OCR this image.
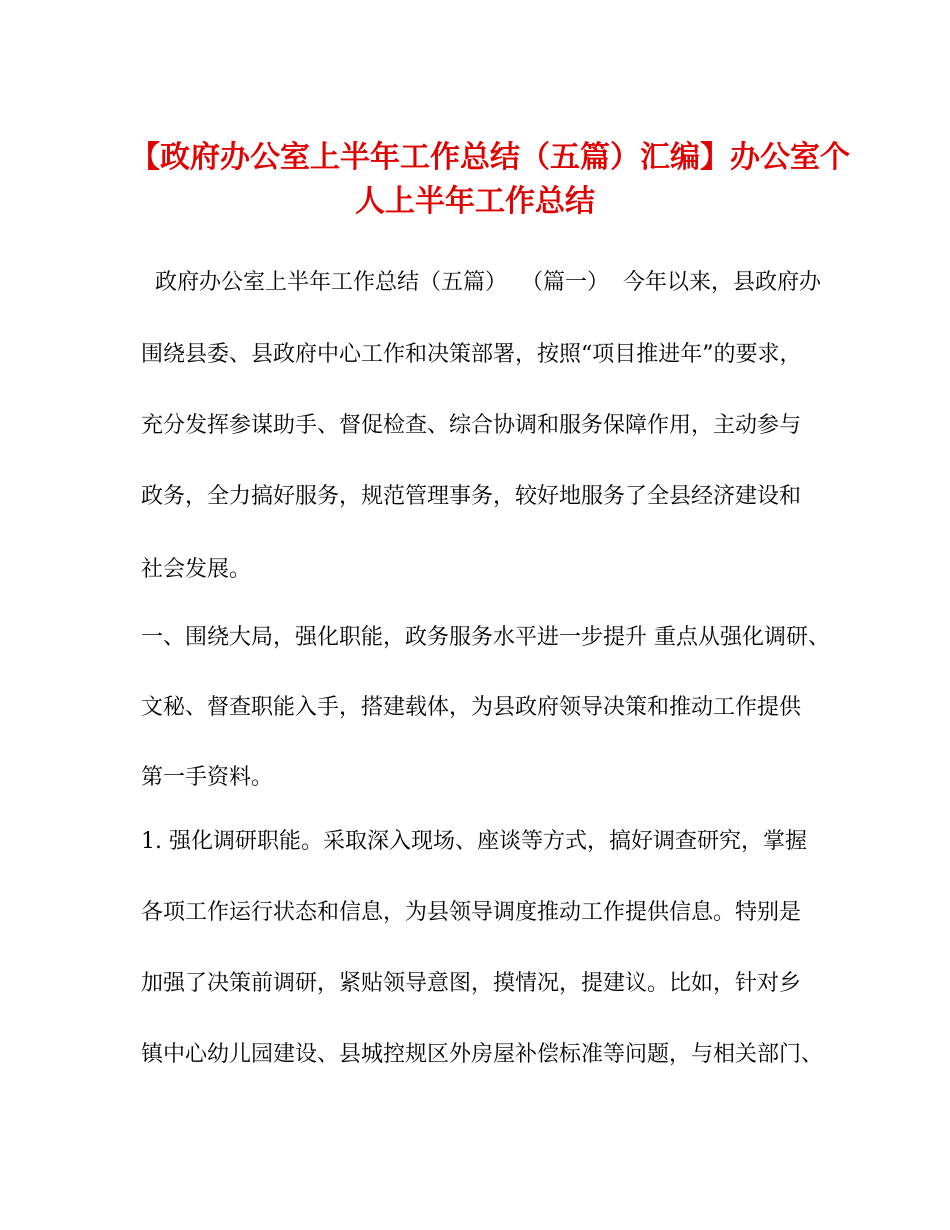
【政府办公室上半年工作总结（五篇）汇编】办公室个
人上半年工作总结
政府办公室上半年工作总结（五篇）  （篇一）  今年以来，县政府办
围绕县委、县政府中心工作和决策部署，按照“项目推进年”的要求，
充分发挥参谋助手、督促检查、综合协调和服务保障作用，主动参与
政务，全力搞好服务，规范管理事务，较好地服务了全县经济建设和
社会发展。
一、围绕大局，强化职能，政务服务水平进一步提升 重点从强化调研、
文秘、督查职能入手，搭建载体，为县政府领导决策和推动工作提供
第一手资料。
1. 强化调研职能。采取深入现场、座谈等方式，搞好调查研究，掌握
各项工作运行状态和信息，为县领导调度推动工作提供信息。特别是
加强了决策前调研，紧贴领导意图，摸情况，提建议。比如，针对乡
镇中心幼儿园建设、县城控规区外房屋补偿标准等问题，与相关部门、
